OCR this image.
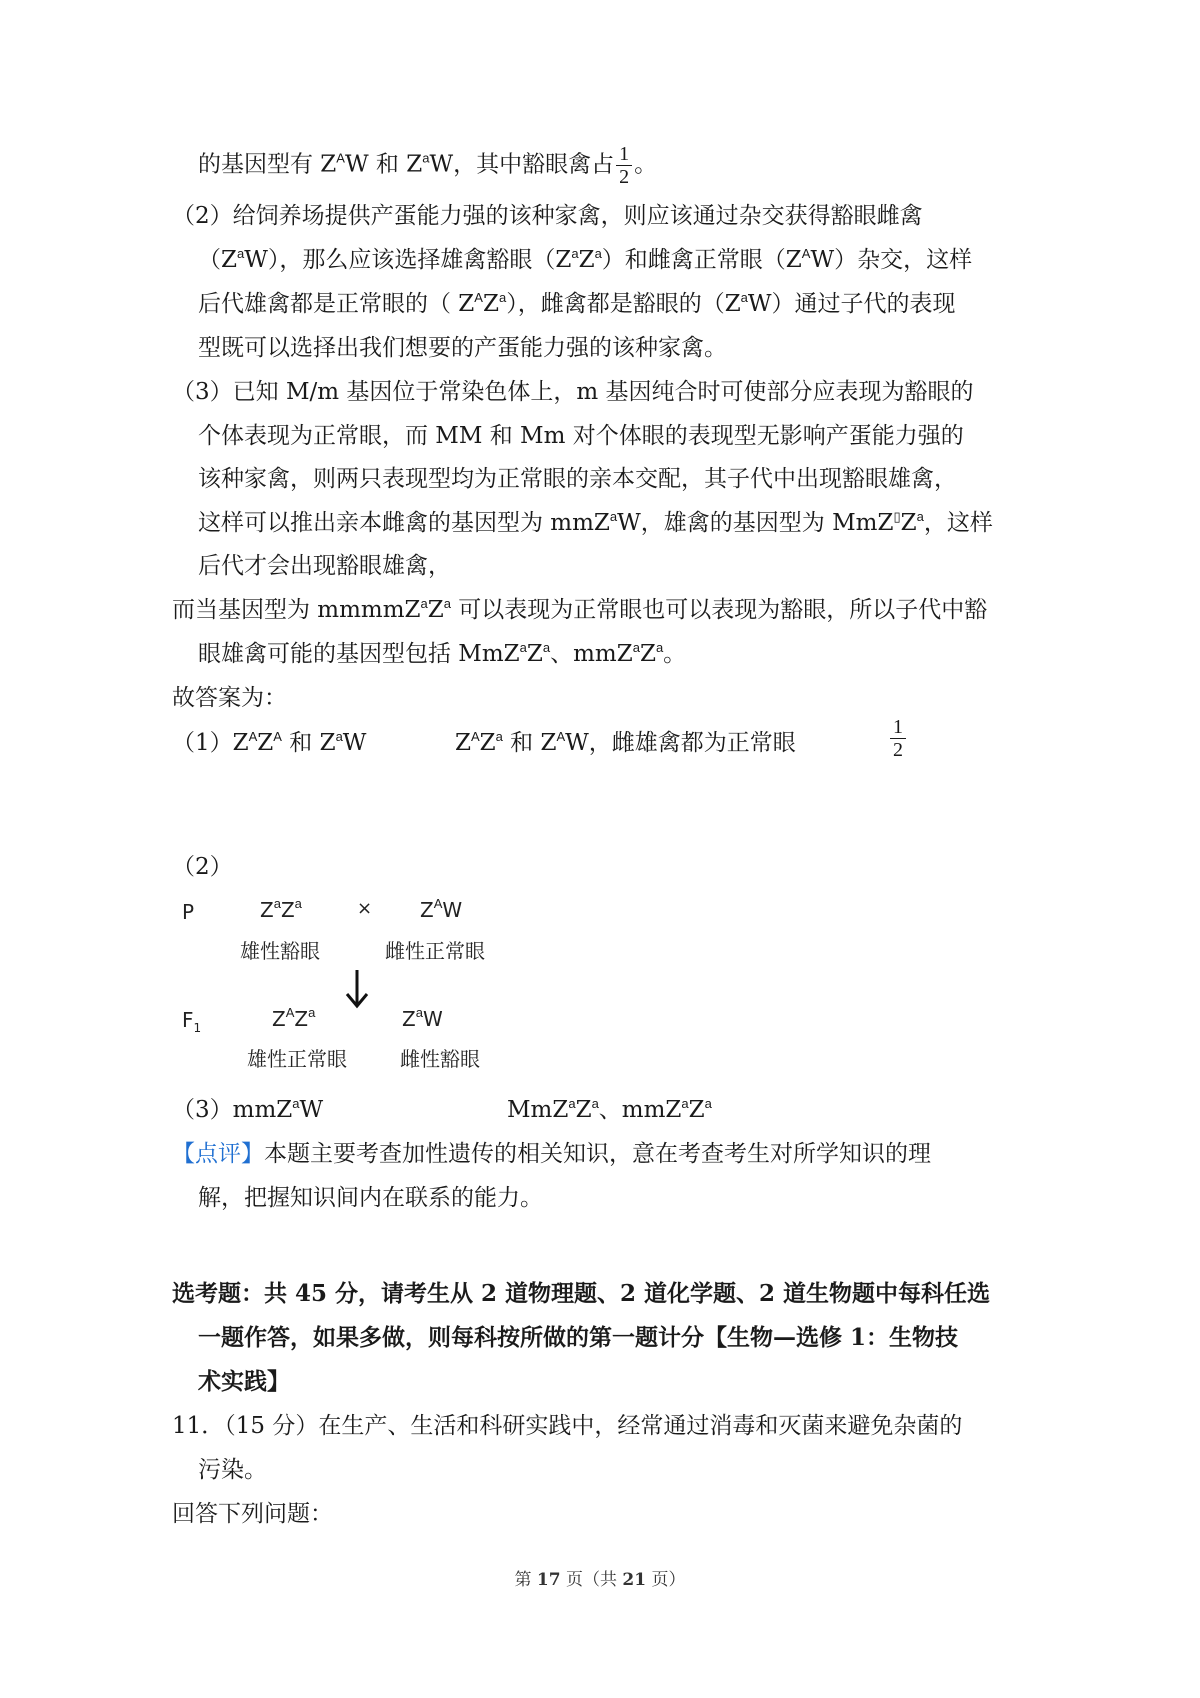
的基因型有 $Z^AW$ 和 $Z^aW$，其中豁眼禽占 $\frac{1}{2}$ 。
（2）给饲养场提供产蛋能力强的该种家禽，则应该通过杂交获得豁眼雌禽
$(Z^aW)$，那么应该选择雄禽豁眼$(Z^aZ^a)$和雌禽正常眼$(Z^AW)$杂交，这样
后代雄禽都是正常眼的（ $Z^AZ^a$），雌禽都是豁眼的$(Z^aW)$通过子代的表现
型既可以选择出我们想要的产蛋能力强的该种家禽。
（3）已知 M/m 基因位于常染色体上，m 基因纯合时可使部分应表现为豁眼的
个体表现为正常眼，而 MM 和 Mm 对个体眼的表现型无影响产蛋能力强的
该种家禽，则两只表现型均为正常眼的亲本交配，其子代中出现豁眼雄禽，
这样可以推出亲本雌禽的基因型为 mmZ$^a$W，雄禽的基因型为 $MmZ^▯Z^a$，这样
后代才会出现豁眼雄禽，
而当基因型为 $mmmmZ^aZ^a$ 可以表现为正常眼也可以表现为豁眼，所以子代中豁
眼雄禽可能的基因型包括 $MmZ^aZ^a$、$mmZ^aZ^a$。
故答案为：
$(1)Z^AZ^A$ 和 $Z^aW$	$Z^AZ^a$ 和 $Z^AW$，雌雄禽都为正常眼	$\frac{1}{2}$
（2）
P	$Z^aZ^a$	× $Z^AW$
雄性豁眼	雌性正常眼
$F_1$	$Z^AZ^a$	$Z^aW$
雄性正常眼	雌性豁眼
（3）mmZ$^a$W	$MmZ^aZ^a$、$mmZ^aZ^a$
【点评】本题主要考查加性遗传的相关知识，意在考查考生对所学知识的理
解，把握知识间内在联系的能力。
选考题：共 45 分，请考生从 2 道物理题、2 道化学题、2 道生物题中每科任选
一题作答，如果多做，则每科按所做的第一题计分【生物—选修 1：生物技
术实践】
11．（15 分）在生产、生活和科研实践中，经常通过消毒和灭菌来避免杂菌的
污染。
回答下列问题：
第 17 页（共 21 页）
